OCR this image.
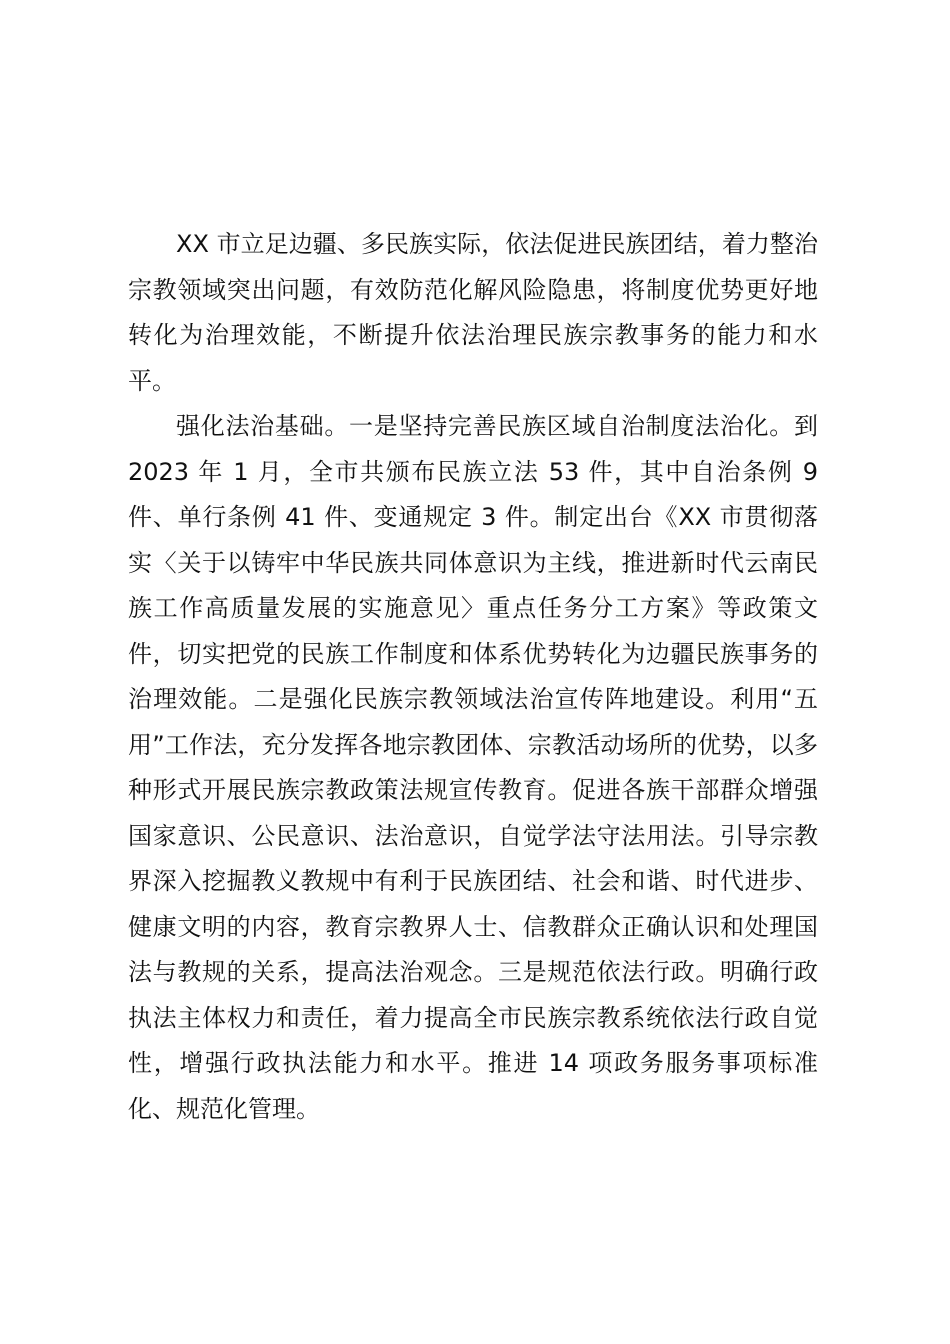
XX 市立足边疆、多民族实际，依法促进民族团结，着力整治宗教领域突出问题，有效防范化解风险隐患，将制度优势更好地转化为治理效能，不断提升依法治理民族宗教事务的能力和水平。

强化法治基础。一是坚持完善民族区域自治制度法治化。到 2023 年 1 月，全市共颁布民族立法 53 件，其中自治条例 9 件、单行条例 41 件、变通规定 3 件。制定出台《XX 市贯彻落实〈关于以铸牢中华民族共同体意识为主线，推进新时代云南民族工作高质量发展的实施意见〉重点任务分工方案》等政策文件，切实把党的民族工作制度和体系优势转化为边疆民族事务的治理效能。二是强化民族宗教领域法治宣传阵地建设。利用“五用”工作法，充分发挥各地宗教团体、宗教活动场所的优势，以多种形式开展民族宗教政策法规宣传教育。促进各族干部群众增强国家意识、公民意识、法治意识，自觉学法守法用法。引导宗教界深入挖掘教义教规中有利于民族团结、社会和谐、时代进步、健康文明的内容，教育宗教界人士、信教群众正确认识和处理国法与教规的关系，提高法治观念。三是规范依法行政。明确行政执法主体权力和责任，着力提高全市民族宗教系统依法行政自觉性，增强行政执法能力和水平。推进 14 项政务服务事项标准化、规范化管理。
